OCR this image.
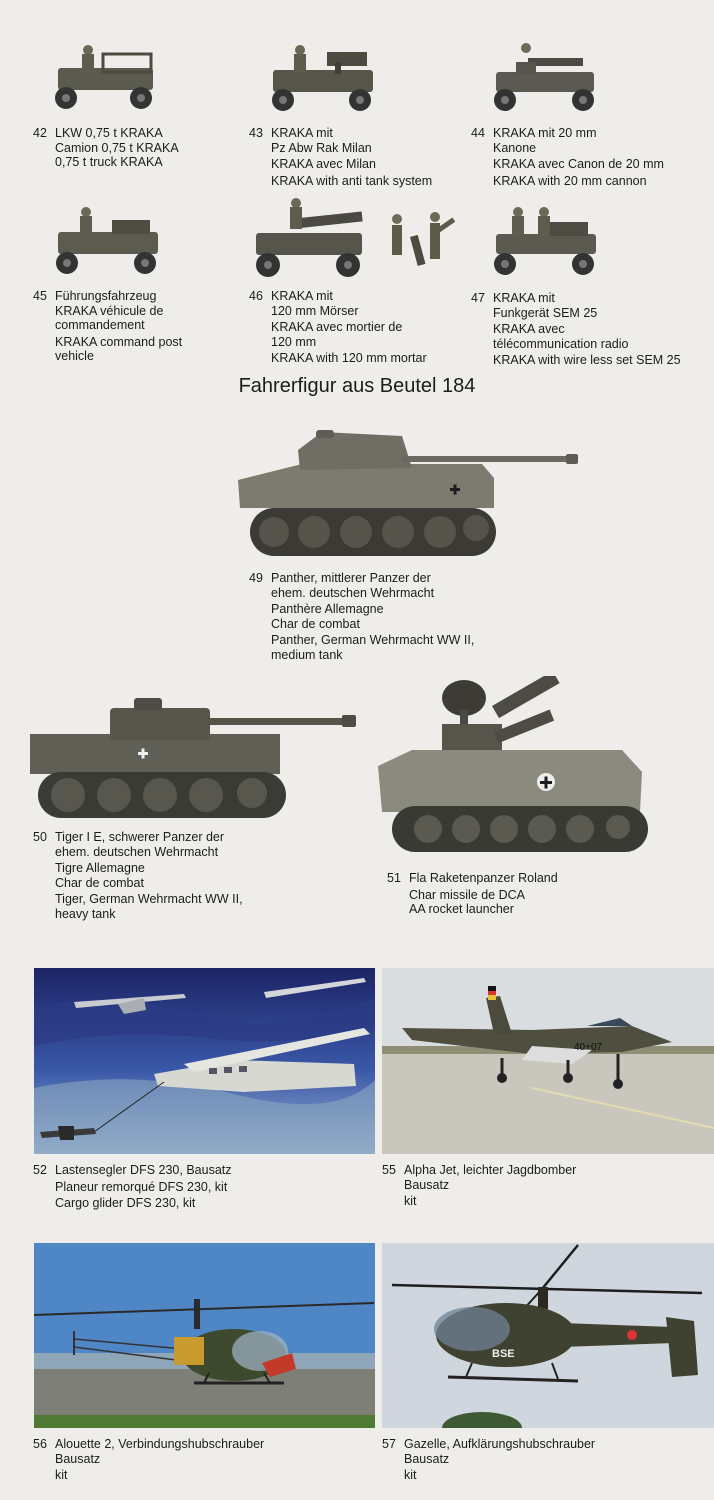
42 LKW 0,75 t KRAKA
Camion 0,75 t KRAKA
0,75 t truck KRAKA
43 KRAKA mit
Pz Abw Rak Milan
KRAKA avec Milan
KRAKA with anti tank system
44 KRAKA mit 20 mm
Kanone
KRAKA avec Canon de 20 mm
KRAKA with 20 mm cannon
45 Führungsfahrzeug
KRAKA véhicule de
commandement
KRAKA command post
vehicle
46 KRAKA mit
120 mm Mörser
KRAKA avec mortier de
120 mm
KRAKA with 120 mm mortar
47 KRAKA mit
Funkgerät SEM 25
KRAKA avec
télécommunication radio
KRAKA with wire less set SEM 25
Fahrerfigur aus Beutel 184
49 Panther, mittlerer Panzer der
ehem. deutschen Wehrmacht
Panthère Allemagne
Char de combat
Panther, German Wehrmacht WW II,
medium tank
50 Tiger I E, schwerer Panzer der
ehem. deutschen Wehrmacht
Tigre Allemagne
Char de combat
Tiger, German Wehrmacht WW II,
heavy tank
51 Fla Raketenpanzer Roland
Char missile de DCA
AA rocket launcher
52 Lastensegler DFS 230, Bausatz
Planeur remorqué DFS 230, kit
Cargo glider DFS 230, kit
40+07
55 Alpha Jet, leichter Jagdbomber
Bausatz
kit
56 Alouette 2, Verbindungshubschrauber
Bausatz
kit
BSE
57 Gazelle, Aufklärungshubschrauber
Bausatz
kit
